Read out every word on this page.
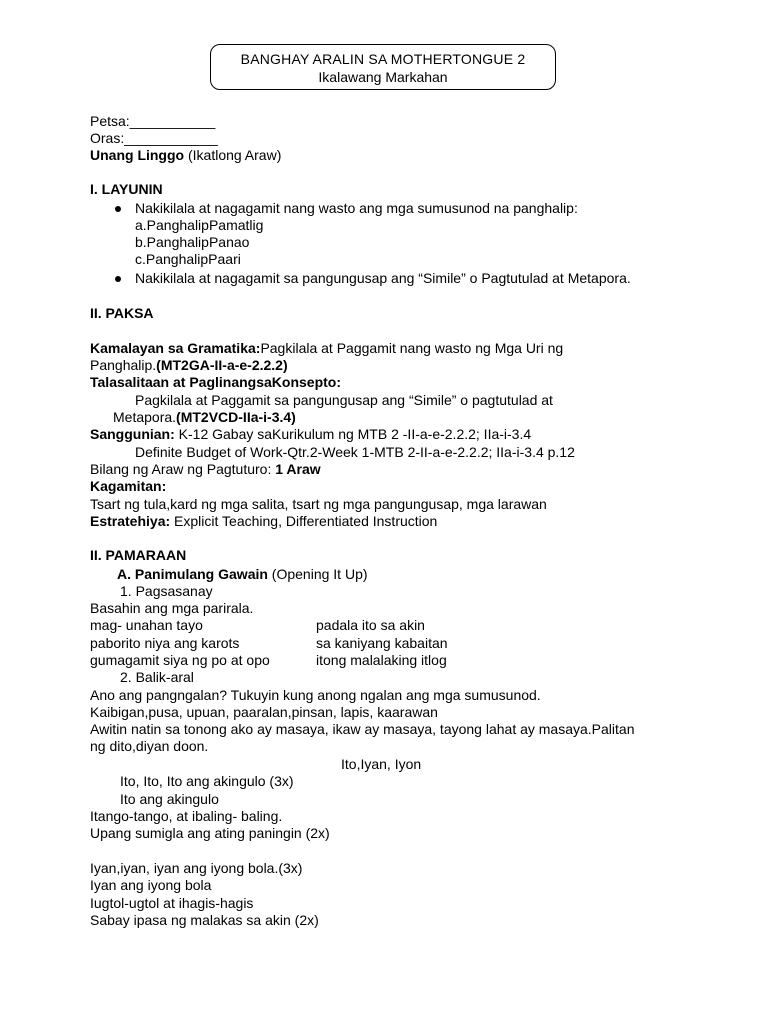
BANGHAY ARALIN SA MOTHERTONGUE 2
Ikalawang Markahan
Petsa:___________
Oras:____________
Unang Linggo (Ikatlong Araw)
I. LAYUNIN
Nakikilala at nagagamit nang wasto ang mga sumusunod na panghalip:
a.PanghalipPamatlig
b.PanghalipPanao
c.PanghalipPaari
Nakikilala at nagagamit sa pangungusap ang “Simile” o Pagtutulad at Metapora.
II. PAKSA
Kamalayan sa Gramatika:Pagkilala at Paggamit nang wasto ng Mga Uri ng
Panghalip.(MT2GA-II-a-e-2.2.2)
Talasalitaan at PaglinangsaKonsepto:
Pagkilala at Paggamit sa pangungusap ang “Simile” o pagtutulad at
Metapora.(MT2VCD-IIa-i-3.4)
Sanggunian: K-12 Gabay saKurikulum ng MTB 2 -II-a-e-2.2.2; IIa-i-3.4
Definite Budget of Work-Qtr.2-Week 1-MTB 2-II-a-e-2.2.2; IIa-i-3.4 p.12
Bilang ng Araw ng Pagtuturo: 1 Araw
Kagamitan:
Tsart ng tula,kard ng mga salita, tsart ng mga pangungusap, mga larawan
Estratehiya: Explicit Teaching, Differentiated Instruction
II. PAMARAAN
A. Panimulang Gawain (Opening It Up)
1. Pagsasanay
Basahin ang mga parirala.
mag- unahan tayo	padala ito sa akin
paborito niya ang karots	sa kaniyang kabaitan
gumagamit siya ng po at opo	itong malalaking itlog
2. Balik-aral
Ano ang pangngalan? Tukuyin kung anong ngalan ang mga sumusunod.
Kaibigan,pusa, upuan, paaralan,pinsan, lapis, kaarawan
Awitin natin sa tonong ako ay masaya, ikaw ay masaya, tayong lahat ay masaya.Palitan
ng dito,diyan doon.
Ito,Iyan, Iyon
Ito, Ito, Ito ang akingulo (3x)
Ito ang akingulo
Itango-tango, at ibaling- baling.
Upang sumigla ang ating paningin (2x)
Iyan,iyan, iyan ang iyong bola.(3x)
Iyan ang iyong bola
Iugtol-ugtol at ihagis-hagis
Sabay ipasa ng malakas sa akin (2x)
